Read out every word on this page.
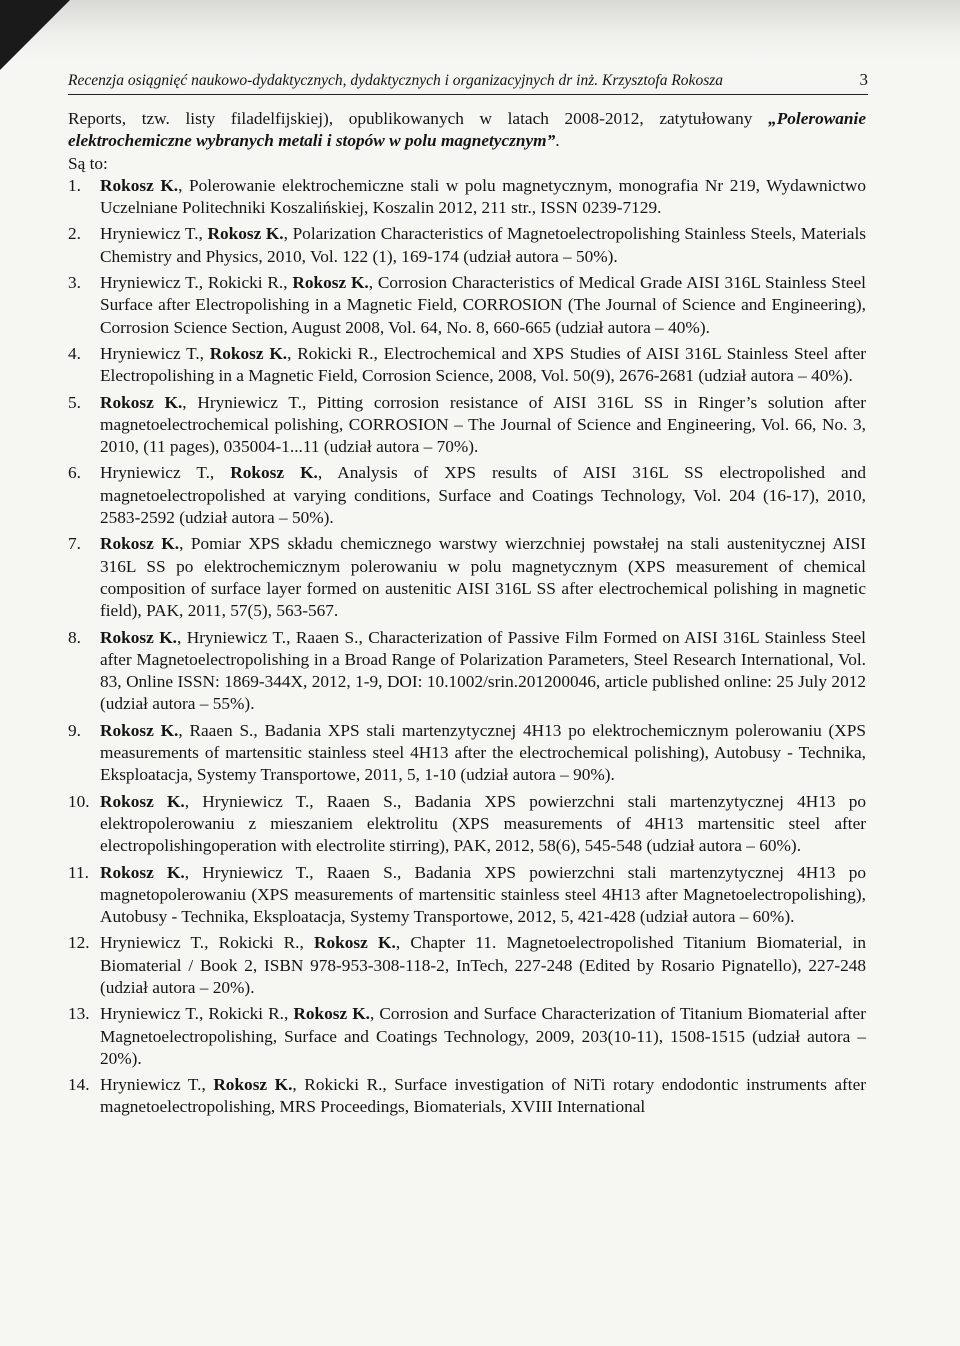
Recenzja osiągnięć naukowo-dydaktycznych, dydaktycznych i organizacyjnych dr inż. Krzysztofa Rokosza	3

Reports, tzw. listy filadelfijskiej), opublikowanych w latach 2008-2012, zatytułowany „Polerowanie elektrochemiczne wybranych metali i stopów w polu magnetycznym”.

Są to:

1. Rokosz K., Polerowanie elektrochemiczne stali w polu magnetycznym, monografia Nr 219, Wydawnictwo Uczelniane Politechniki Koszalińskiej, Koszalin 2012, 211 str., ISSN 0239-7129.
2. Hryniewicz T., Rokosz K., Polarization Characteristics of Magnetoelectropolishing Stainless Steels, Materials Chemistry and Physics, 2010, Vol. 122 (1), 169-174 (udział autora – 50%).
3. Hryniewicz T., Rokicki R., Rokosz K., Corrosion Characteristics of Medical Grade AISI 316L Stainless Steel Surface after Electropolishing in a Magnetic Field, CORROSION (The Journal of Science and Engineering), Corrosion Science Section, August 2008, Vol. 64, No. 8, 660-665 (udział autora – 40%).
4. Hryniewicz T., Rokosz K., Rokicki R., Electrochemical and XPS Studies of AISI 316L Stainless Steel after Electropolishing in a Magnetic Field, Corrosion Science, 2008, Vol. 50(9), 2676-2681 (udział autora – 40%).
5. Rokosz K., Hryniewicz T., Pitting corrosion resistance of AISI 316L SS in Ringer’s solution after magnetoelectrochemical polishing, CORROSION – The Journal of Science and Engineering, Vol. 66, No. 3, 2010, (11 pages), 035004-1...11 (udział autora – 70%).
6. Hryniewicz T., Rokosz K., Analysis of XPS results of AISI 316L SS electropolished and magnetoelectropolished at varying conditions, Surface and Coatings Technology, Vol. 204 (16-17), 2010, 2583-2592 (udział autora – 50%).
7. Rokosz K., Pomiar XPS składu chemicznego warstwy wierzchniej powstałej na stali austenitycznej AISI 316L SS po elektrochemicznym polerowaniu w polu magnetycznym (XPS measurement of chemical composition of surface layer formed on austenitic AISI 316L SS after electrochemical polishing in magnetic field), PAK, 2011, 57(5), 563-567.
8. Rokosz K., Hryniewicz T., Raaen S., Characterization of Passive Film Formed on AISI 316L Stainless Steel after Magnetoelectropolishing in a Broad Range of Polarization Parameters, Steel Research International, Vol. 83, Online ISSN: 1869-344X, 2012, 1-9, DOI: 10.1002/srin.201200046, article published online: 25 July 2012 (udział autora – 55%).
9. Rokosz K., Raaen S., Badania XPS stali martenzytycznej 4H13 po elektrochemicznym polerowaniu (XPS measurements of martensitic stainless steel 4H13 after the electrochemical polishing), Autobusy - Technika, Eksploatacja, Systemy Transportowe, 2011, 5, 1-10 (udział autora – 90%).
10. Rokosz K., Hryniewicz T., Raaen S., Badania XPS powierzchni stali martenzytycznej 4H13 po elektropolerowaniu z mieszaniem elektrolitu (XPS measurements of 4H13 martensitic steel after electropolishingoperation with electrolite stirring), PAK, 2012, 58(6), 545-548 (udział autora – 60%).
11. Rokosz K., Hryniewicz T., Raaen S., Badania XPS powierzchni stali martenzytycznej 4H13 po magnetopolerowaniu (XPS measurements of martensitic stainless steel 4H13 after Magnetoelectropolishing), Autobusy - Technika, Eksploatacja, Systemy Transportowe, 2012, 5, 421-428 (udział autora – 60%).
12. Hryniewicz T., Rokicki R., Rokosz K., Chapter 11. Magnetoelectropolished Titanium Biomaterial, in Biomaterial / Book 2, ISBN 978-953-308-118-2, InTech, 227-248 (Edited by Rosario Pignatello), 227-248 (udział autora – 20%).
13. Hryniewicz T., Rokicki R., Rokosz K., Corrosion and Surface Characterization of Titanium Biomaterial after Magnetoelectropolishing, Surface and Coatings Technology, 2009, 203(10-11), 1508-1515 (udział autora – 20%).
14. Hryniewicz T., Rokosz K., Rokicki R., Surface investigation of NiTi rotary endodontic instruments after magnetoelectropolishing, MRS Proceedings, Biomaterials, XVIII International
